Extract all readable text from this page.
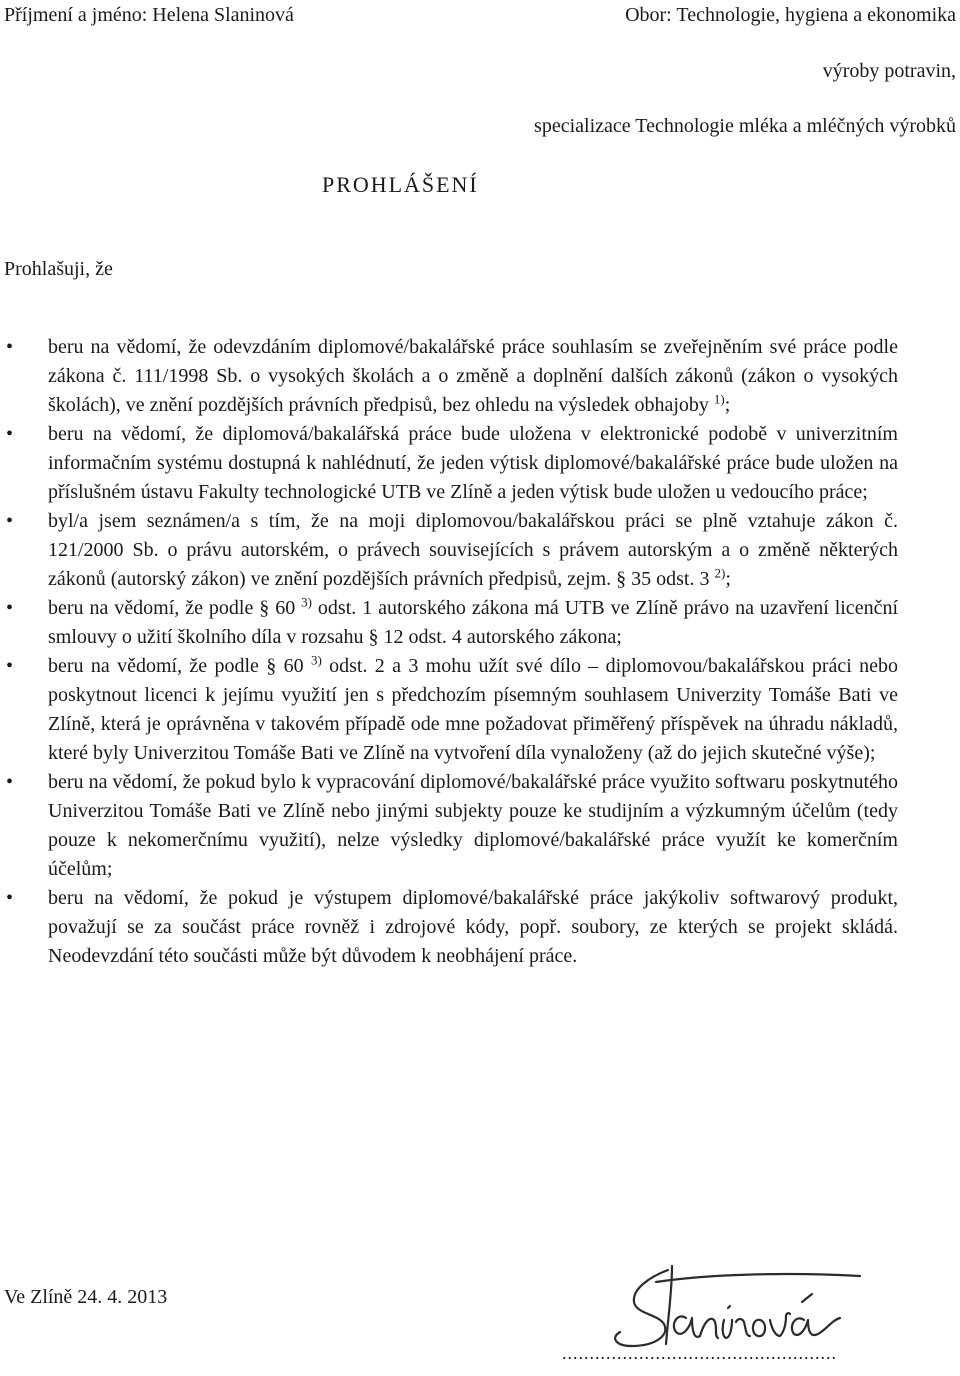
Příjmení a jméno: Helena Slaninová	Obor: Technologie, hygiena a ekonomika
výroby potravin,
specializace Technologie mléka a mléčných výrobků
PROHLÁŠENÍ
Prohlašuji, že
• beru na vědomí, že odevzdáním diplomové/bakalářské práce souhlasím se zveřejněním své práce podle zákona č. 111/1998 Sb. o vysokých školách a o změně a doplnění dalších zákonů (zákon o vysokých školách), ve znění pozdějších právních předpisů, bez ohledu na výsledek obhajoby $^{1)}$;
• beru na vědomí, že diplomová/bakalářská práce bude uložena v elektronické podobě v univerzitním informačním systému dostupná k nahlédnutí, že jeden výtisk diplomové/bakalářské práce bude uložen na příslušném ústavu Fakulty technologické UTB ve Zlíně a jeden výtisk bude uložen u vedoucího práce;
• byl/a jsem seznámen/a s tím, že na moji diplomovou/bakalářskou práci se plně vztahuje zákon č. 121/2000 Sb. o právu autorském, o právech souvisejících s právem autorským a o změně některých zákonů (autorský zákon) ve znění pozdějších právních předpisů, zejm. § 35 odst. 3 $^{2)}$;
• beru na vědomí, že podle § 60 $^{3)}$ odst. 1 autorského zákona má UTB ve Zlíně právo na uzavření licenční smlouvy o užití školního díla v rozsahu § 12 odst. 4 autorského zákona;
• beru na vědomí, že podle § 60 $^{3)}$ odst. 2 a 3 mohu užít své dílo – diplomovou/bakalářskou práci nebo poskytnout licenci k jejímu využití jen s předchozím písemným souhlasem Univerzity Tomáše Bati ve Zlíně, která je oprávněna v takovém případě ode mne požadovat přiměřený příspěvek na úhradu nákladů, které byly Univerzitou Tomáše Bati ve Zlíně na vytvoření díla vynaloženy (až do jejich skutečné výše);
• beru na vědomí, že pokud bylo k vypracování diplomové/bakalářské práce využito softwaru poskytnutého Univerzitou Tomáše Bati ve Zlíně nebo jinými subjekty pouze ke studijním a výzkumným účelům (tedy pouze k nekomerčnímu využití), nelze výsledky diplomové/bakalářské práce využít ke komerčním účelům;
• beru na vědomí, že pokud je výstupem diplomové/bakalářské práce jakýkoliv softwarový produkt, považují se za součást práce rovněž i zdrojové kódy, popř. soubory, ze kterých se projekt skládá. Neodevzdání této součásti může být důvodem k neobhájení práce.
Ve Zlíně 24. 4. 2013
..................................................
